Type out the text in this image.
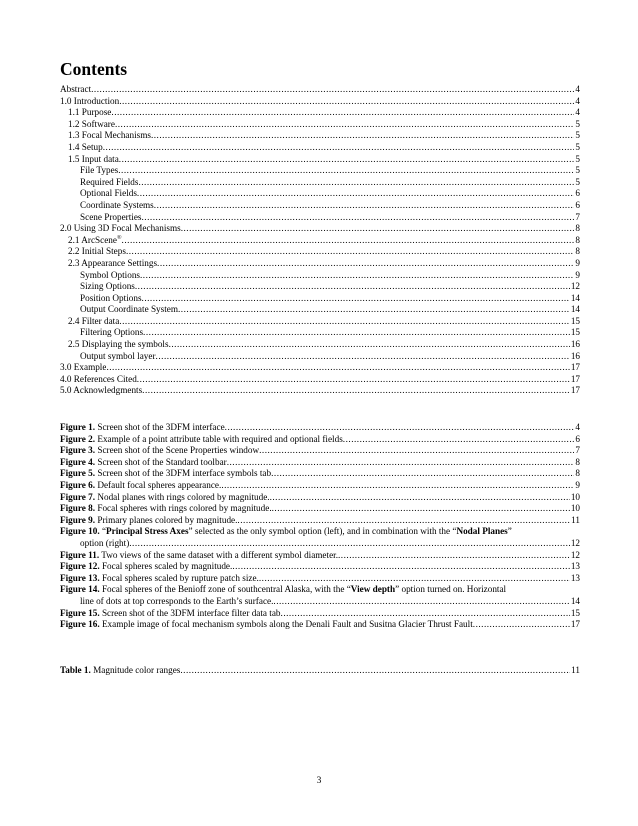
Contents
Abstract .....	4
1.0 Introduction .....	4
1.1 Purpose .....	4
1.2 Software .....	5
1.3 Focal Mechanisms .....	5
1.4 Setup .....	5
1.5 Input data .....	5
File Types .....	5
Required Fields .....	5
Optional Fields .....	6
Coordinate Systems .....	6
Scene Properties .....	7
2.0 Using 3D Focal Mechanisms .....	8
2.1 ArcScene® .....	8
2.2 Initial Steps .....	8
2.3 Appearance Settings .....	9
Symbol Options .....	9
Sizing Options .....	12
Position Options .....	14
Output Coordinate System .....	14
2.4 Filter data .....	15
Filtering Options .....	15
2.5 Displaying the symbols .....	16
Output symbol layer .....	16
3.0 Example .....	17
4.0 References Cited .....	17
5.0 Acknowledgments .....	17
Figure 1. Screen shot of the 3DFM interface .....	4
Figure 2. Example of a point attribute table with required and optional fields .....	6
Figure 3. Screen shot of the Scene Properties window .....	7
Figure 4. Screen shot of the Standard toolbar .....	8
Figure 5. Screen shot of the 3DFM interface symbols tab .....	8
Figure 6. Default focal spheres appearance. .....	9
Figure 7. Nodal planes with rings colored by magnitude. .....	10
Figure 8. Focal spheres with rings colored by magnitude. .....	10
Figure 9. Primary planes colored by magnitude. .....	11
Figure 10. “Principal Stress Axes” selected as the only symbol option (left), and in combination with the “Nodal Planes”
option (right) .....	12
Figure 11. Two views of the same dataset with a different symbol diameter. .....	12
Figure 12. Focal spheres scaled by magnitude. .....	13
Figure 13. Focal spheres scaled by rupture patch size. .....	13
Figure 14. Focal spheres of the Benioff zone of southcentral Alaska, with the “View depth” option turned on. Horizontal
line of dots at top corresponds to the Earth’s surface. .....	14
Figure 15. Screen shot of the 3DFM interface filter data tab .....	15
Figure 16. Example image of focal mechanism symbols along the Denali Fault and Susitna Glacier Thrust Fault .....	17
Table 1. Magnitude color ranges .....	11
3
